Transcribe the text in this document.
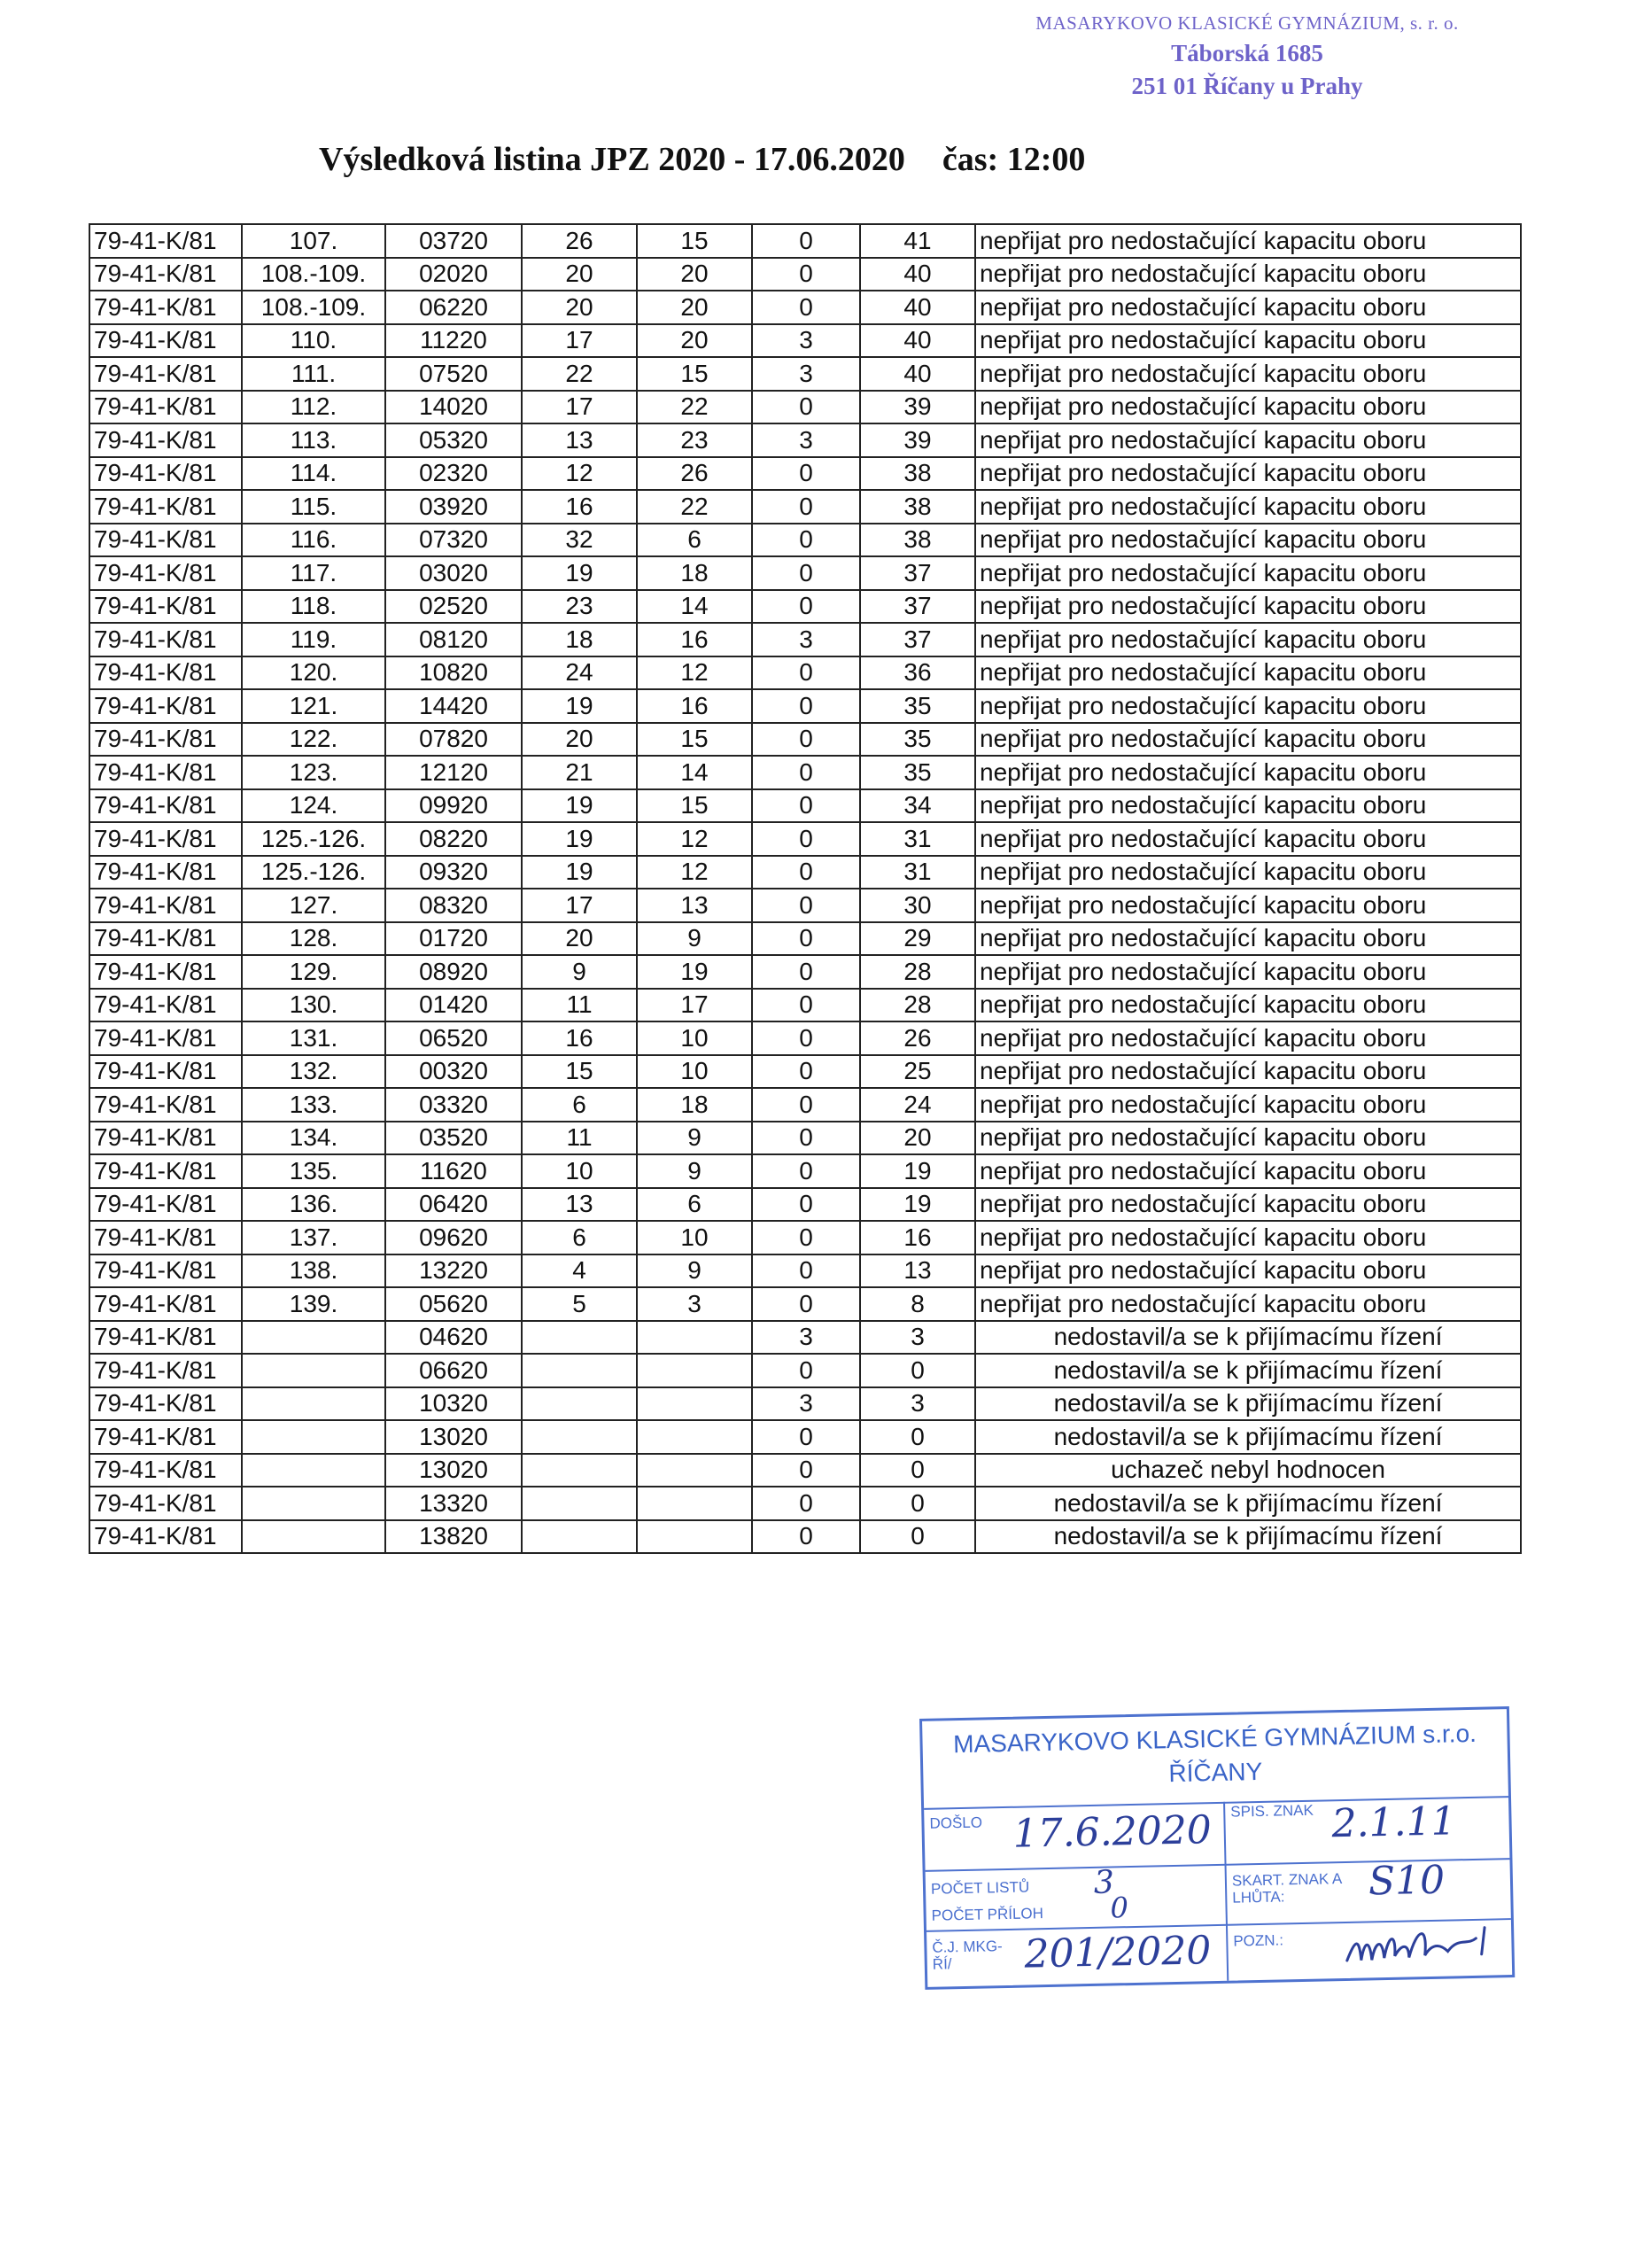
MASARYKOVO KLASICKÉ GYMNÁZIUM, s. r. o.
Táborská 1685
251 01 Říčany u Prahy
Výsledková listina JPZ 2020 - 17.06.2020 čas: 12:00
79-41-K/81	107.	03720	26	15	0	41	nepřijat pro nedostačující kapacitu oboru
79-41-K/81	108.-109.	02020	20	20	0	40	nepřijat pro nedostačující kapacitu oboru
79-41-K/81	108.-109.	06220	20	20	0	40	nepřijat pro nedostačující kapacitu oboru
79-41-K/81	110.	11220	17	20	3	40	nepřijat pro nedostačující kapacitu oboru
79-41-K/81	111.	07520	22	15	3	40	nepřijat pro nedostačující kapacitu oboru
79-41-K/81	112.	14020	17	22	0	39	nepřijat pro nedostačující kapacitu oboru
79-41-K/81	113.	05320	13	23	3	39	nepřijat pro nedostačující kapacitu oboru
79-41-K/81	114.	02320	12	26	0	38	nepřijat pro nedostačující kapacitu oboru
79-41-K/81	115.	03920	16	22	0	38	nepřijat pro nedostačující kapacitu oboru
79-41-K/81	116.	07320	32	6	0	38	nepřijat pro nedostačující kapacitu oboru
79-41-K/81	117.	03020	19	18	0	37	nepřijat pro nedostačující kapacitu oboru
79-41-K/81	118.	02520	23	14	0	37	nepřijat pro nedostačující kapacitu oboru
79-41-K/81	119.	08120	18	16	3	37	nepřijat pro nedostačující kapacitu oboru
79-41-K/81	120.	10820	24	12	0	36	nepřijat pro nedostačující kapacitu oboru
79-41-K/81	121.	14420	19	16	0	35	nepřijat pro nedostačující kapacitu oboru
79-41-K/81	122.	07820	20	15	0	35	nepřijat pro nedostačující kapacitu oboru
79-41-K/81	123.	12120	21	14	0	35	nepřijat pro nedostačující kapacitu oboru
79-41-K/81	124.	09920	19	15	0	34	nepřijat pro nedostačující kapacitu oboru
79-41-K/81	125.-126.	08220	19	12	0	31	nepřijat pro nedostačující kapacitu oboru
79-41-K/81	125.-126.	09320	19	12	0	31	nepřijat pro nedostačující kapacitu oboru
79-41-K/81	127.	08320	17	13	0	30	nepřijat pro nedostačující kapacitu oboru
79-41-K/81	128.	01720	20	9	0	29	nepřijat pro nedostačující kapacitu oboru
79-41-K/81	129.	08920	9	19	0	28	nepřijat pro nedostačující kapacitu oboru
79-41-K/81	130.	01420	11	17	0	28	nepřijat pro nedostačující kapacitu oboru
79-41-K/81	131.	06520	16	10	0	26	nepřijat pro nedostačující kapacitu oboru
79-41-K/81	132.	00320	15	10	0	25	nepřijat pro nedostačující kapacitu oboru
79-41-K/81	133.	03320	6	18	0	24	nepřijat pro nedostačující kapacitu oboru
79-41-K/81	134.	03520	11	9	0	20	nepřijat pro nedostačující kapacitu oboru
79-41-K/81	135.	11620	10	9	0	19	nepřijat pro nedostačující kapacitu oboru
79-41-K/81	136.	06420	13	6	0	19	nepřijat pro nedostačující kapacitu oboru
79-41-K/81	137.	09620	6	10	0	16	nepřijat pro nedostačující kapacitu oboru
79-41-K/81	138.	13220	4	9	0	13	nepřijat pro nedostačující kapacitu oboru
79-41-K/81	139.	05620	5	3	0	8	nepřijat pro nedostačující kapacitu oboru
79-41-K/81		04620			3	3	nedostavil/a se k přijímacímu řízení
79-41-K/81		06620			0	0	nedostavil/a se k přijímacímu řízení
79-41-K/81		10320			3	3	nedostavil/a se k přijímacímu řízení
79-41-K/81		13020			0	0	nedostavil/a se k přijímacímu řízení
79-41-K/81		13020			0	0	uchazeč nebyl hodnocen
79-41-K/81		13320			0	0	nedostavil/a se k přijímacímu řízení
79-41-K/81		13820			0	0	nedostavil/a se k přijímacímu řízení
MASARYKOVO KLASICKÉ GYMNÁZIUM s.r.o.
ŘÍČANY
DOŠLO 17.6.2020 SPIS. ZNAK 2.1.11
POČET LISTŮ 3
POČET PŘÍLOH 0
SKART. ZNAK A LHŮTA:	S10
Č.J. MKG-ŘÍ/	201/2020 POZN.:
